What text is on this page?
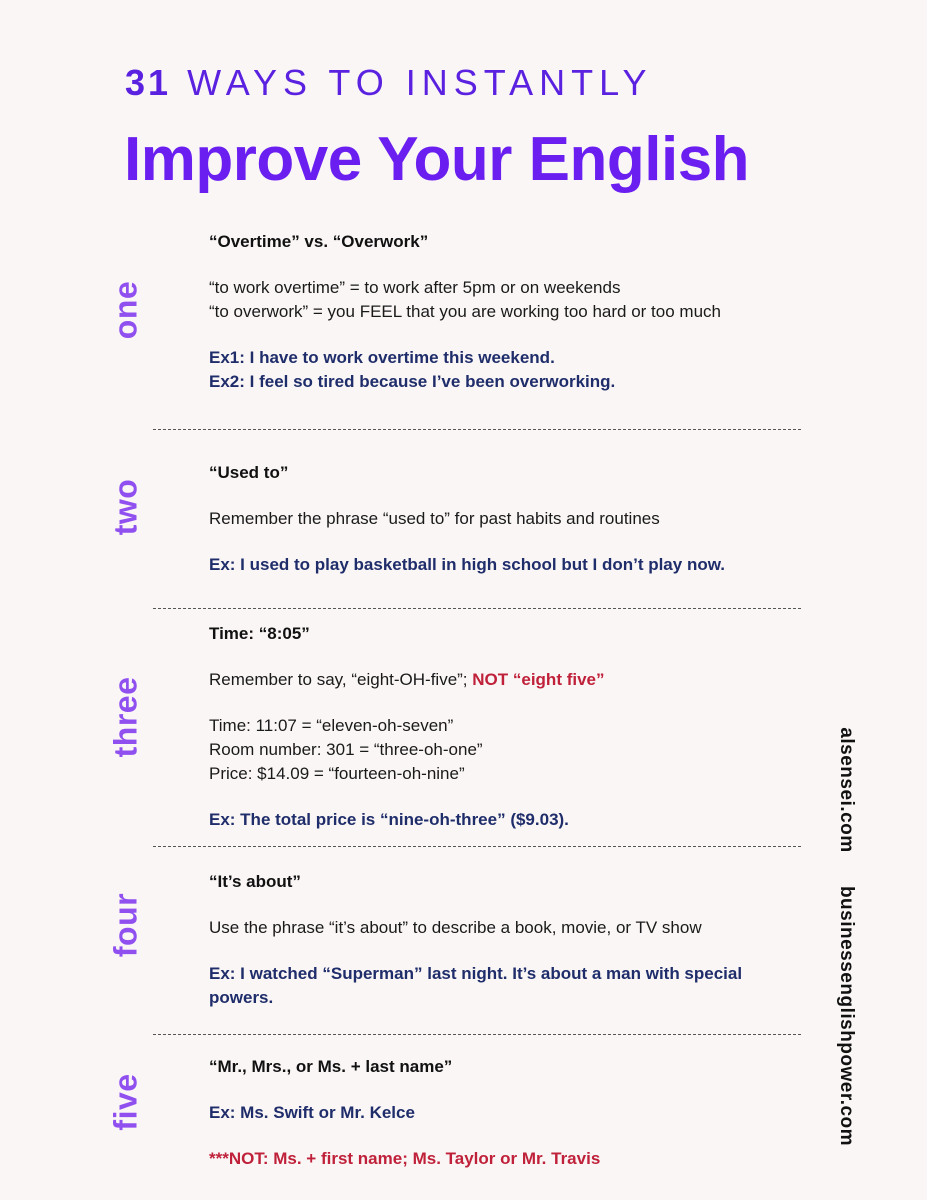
31 WAYS TO INSTANTLY
Improve Your English
one
“Overtime” vs. “Overwork”
“to work overtime” = to work after 5pm or on weekends
“to overwork” = you FEEL that you are working too hard or too much
Ex1: I have to work overtime this weekend.
Ex2: I feel so tired because I’ve been overworking.
two
“Used to”
Remember the phrase “used to” for past habits and routines
Ex: I used to play basketball in high school but I don’t play now.
three
Time: “8:05”
Remember to say, “eight-OH-five”; NOT “eight five”
Time: 11:07 = “eleven-oh-seven”
Room number: 301 = “three-oh-one”
Price: $14.09 = “fourteen-oh-nine”
Ex: The total price is “nine-oh-three” ($9.03).
four
“It’s about”
Use the phrase “it’s about” to describe a book, movie, or TV show
Ex: I watched “Superman” last night. It’s about a man with special powers.
five
“Mr., Mrs., or Ms. + last name”
Ex: Ms. Swift or Mr. Kelce
***NOT: Ms. + first name; Ms. Taylor or Mr. Travis
alsensei.com
businessenglishpower.com
